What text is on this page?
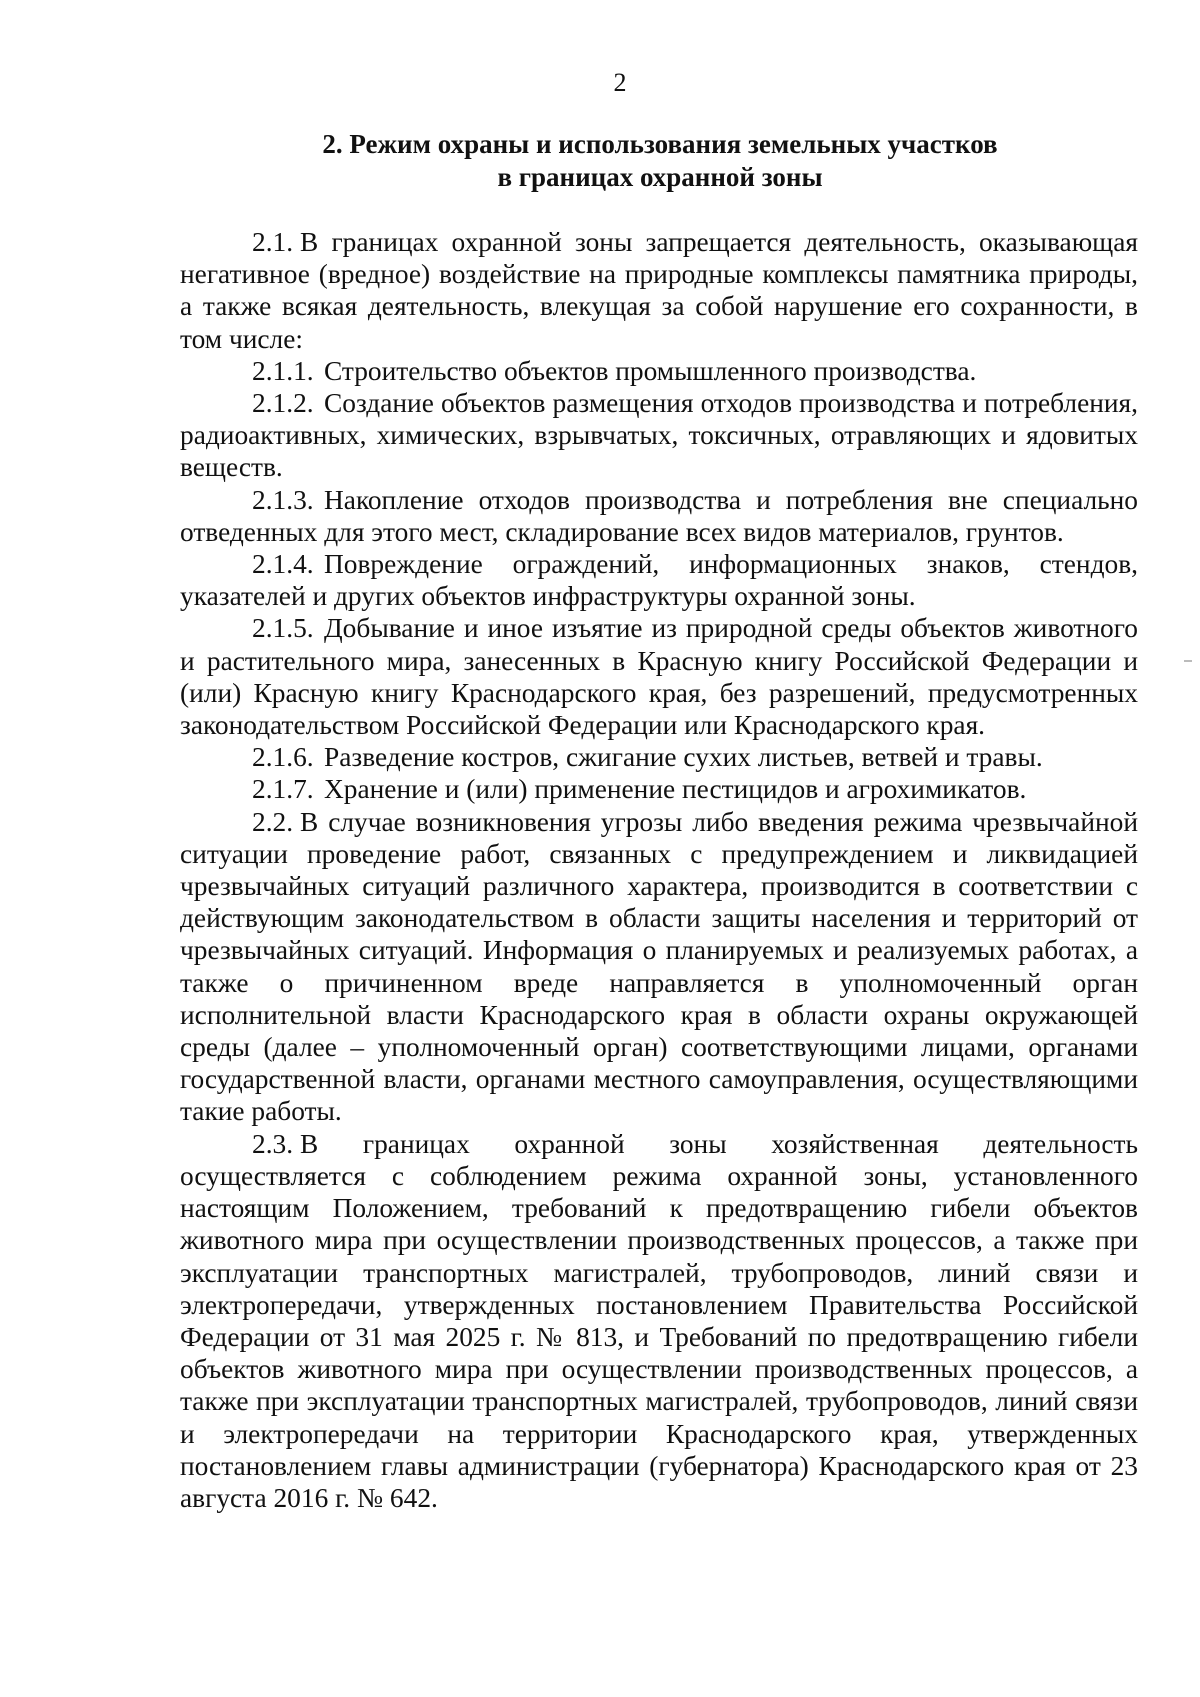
2
2. Режим охраны и использования земельных участков
в границах охранной зоны

2.1. В границах охранной зоны запрещается деятельность, оказывающая негативное (вредное) воздействие на природные комплексы памятника природы, а также всякая деятельность, влекущая за собой нарушение его сохранности, в том числе:

2.1.1. Строительство объектов промышленного производства.

2.1.2. Создание объектов размещения отходов производства и потребления, радиоактивных, химических, взрывчатых, токсичных, отравляющих и ядовитых веществ.

2.1.3. Накопление отходов производства и потребления вне специально отведенных для этого мест, складирование всех видов материалов, грунтов.

2.1.4. Повреждение ограждений, информационных знаков, стендов, указателей и других объектов инфраструктуры охранной зоны.

2.1.5. Добывание и иное изъятие из природной среды объектов животного и растительного мира, занесенных в Красную книгу Российской Федерации и (или) Красную книгу Краснодарского края, без разрешений, предусмотренных законодательством Российской Федерации или Краснодарского края.

2.1.6. Разведение костров, сжигание сухих листьев, ветвей и травы.

2.1.7. Хранение и (или) применение пестицидов и агрохимикатов.

2.2. В случае возникновения угрозы либо введения режима чрезвычайной ситуации проведение работ, связанных с предупреждением и ликвидацией чрезвычайных ситуаций различного характера, производится в соответствии с действующим законодательством в области защиты населения и территорий от чрезвычайных ситуаций. Информация о планируемых и реализуемых работах, а также о причиненном вреде направляется в уполномоченный орган исполнительной власти Краснодарского края в области охраны окружающей среды (далее – уполномоченный орган) соответствующими лицами, органами государственной власти, органами местного самоуправления, осуществляющими такие работы.

2.3. В границах охранной зоны хозяйственная деятельность осуществляется с соблюдением режима охранной зоны, установленного настоящим Положением, требований к предотвращению гибели объектов животного мира при осуществлении производственных процессов, а также при эксплуатации транспортных магистралей, трубопроводов, линий связи и электропередачи, утвержденных постановлением Правительства Российской Федерации от 31 мая 2025 г. № 813, и Требований по предотвращению гибели объектов животного мира при осуществлении производственных процессов, а также при эксплуатации транспортных магистралей, трубопроводов, линий связи и электропередачи на территории Краснодарского края, утвержденных постановлением главы администрации (губернатора) Краснодарского края от 23 августа 2016 г. № 642.
